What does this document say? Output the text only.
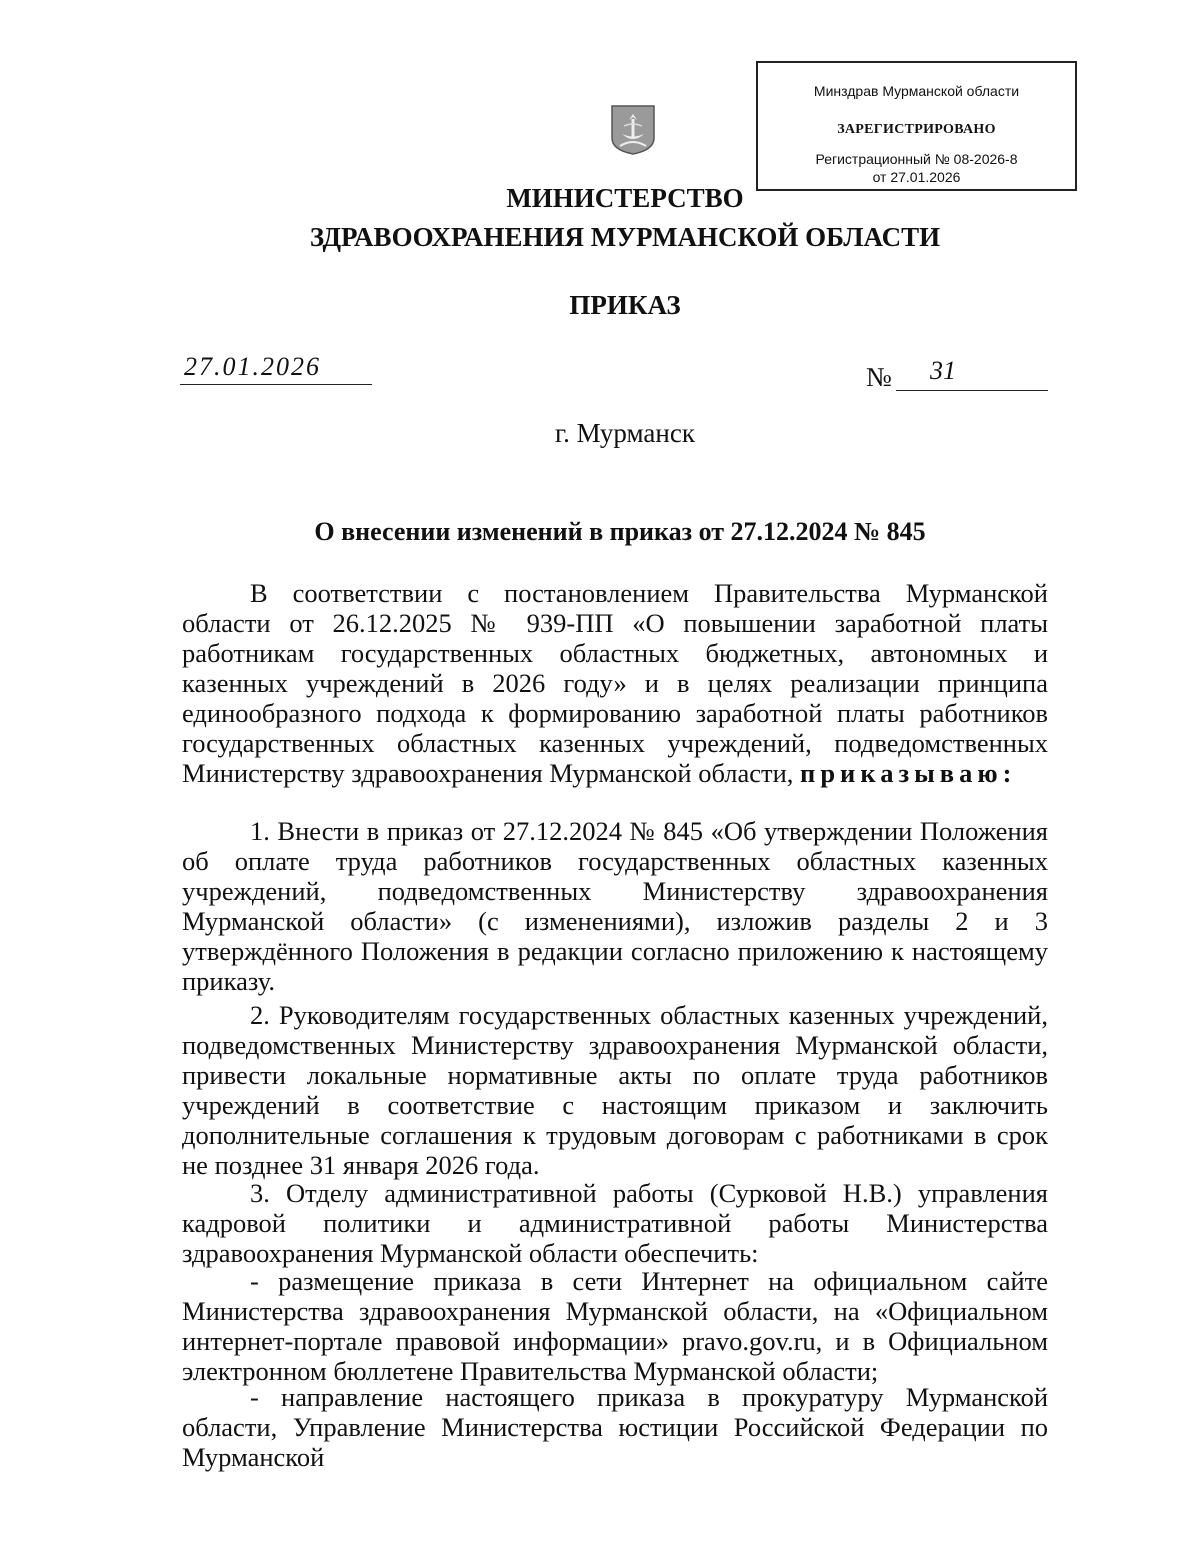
Минздрав Мурманской области
ЗАРЕГИСТРИРОВАНО
Регистрационный № 08-2026-8
от 27.01.2026
МИНИСТЕРСТВО
ЗДРАВООХРАНЕНИЯ МУРМАНСКОЙ ОБЛАСТИ
ПРИКАЗ
27.01.2026	№ 31
г. Мурманск
О внесении изменений в приказ от 27.12.2024 № 845

В соответствии с постановлением Правительства Мурманской области от 26.12.2025 № 939-ПП «О повышении заработной платы работникам государственных областных бюджетных, автономных и казенных учреждений в 2026 году» и в целях реализации принципа единообразного подхода к формированию заработной платы работников государственных областных казенных учреждений, подведомственных Министерству здравоохранения Мурманской области, приказываю:

1. Внести в приказ от 27.12.2024 № 845 «Об утверждении Положения об оплате труда работников государственных областных казенных учреждений, подведомственных Министерству здравоохранения Мурманской области» (с изменениями), изложив разделы 2 и 3 утверждённого Положения в редакции согласно приложению к настоящему приказу.

2. Руководителям государственных областных казенных учреждений, подведомственных Министерству здравоохранения Мурманской области, привести локальные нормативные акты по оплате труда работников учреждений в соответствие с настоящим приказом и заключить дополнительные соглашения к трудовым договорам с работниками в срок не позднее 31 января 2026 года.

3. Отделу административной работы (Сурковой Н.В.) управления кадровой политики и административной работы Министерства здравоохранения Мурманской области обеспечить:

- размещение приказа в сети Интернет на официальном сайте Министерства здравоохранения Мурманской области, на «Официальном интернет-портале правовой информации» pravo.gov.ru, и в Официальном электронном бюллетене Правительства Мурманской области;

- направление настоящего приказа в прокуратуру Мурманской области, Управление Министерства юстиции Российской Федерации по Мурманской
